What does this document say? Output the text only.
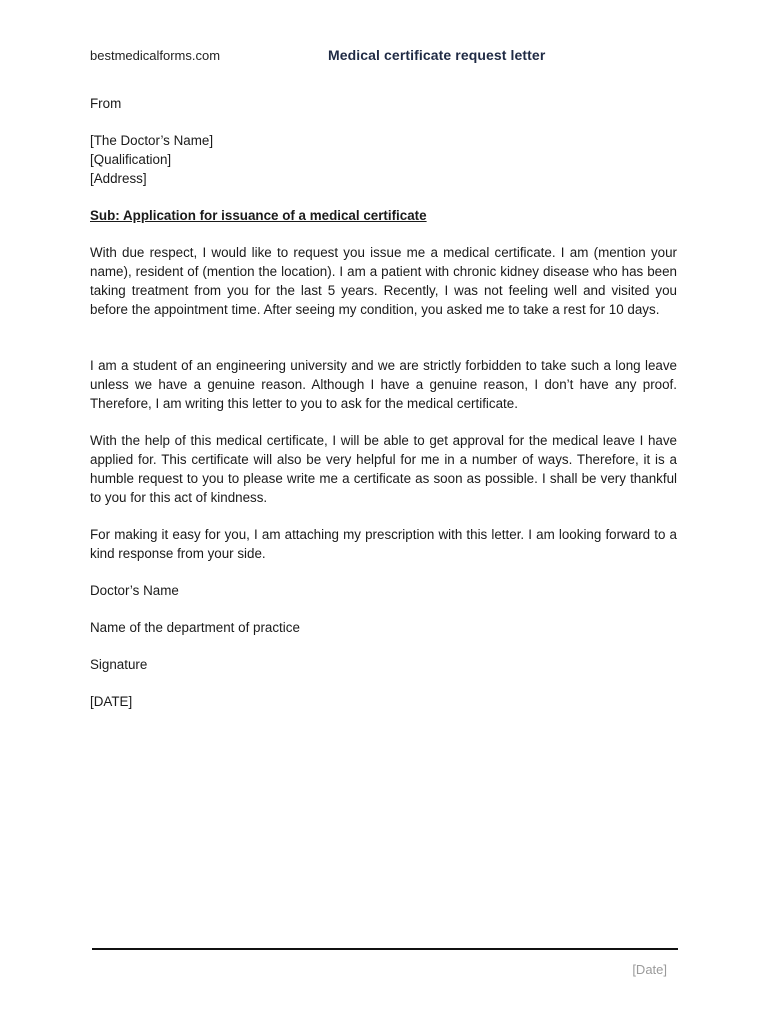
bestmedicalforms.com	Medical certificate request letter
From
[The Doctor’s Name]
[Qualification]
[Address]
Sub: Application for issuance of a medical certificate
With due respect, I would like to request you issue me a medical certificate. I am (mention your name), resident of (mention the location). I am a patient with chronic kidney disease who has been taking treatment from you for the last 5 years. Recently, I was not feeling well and visited you before the appointment time. After seeing my condition, you asked me to take a rest for 10 days.
I am a student of an engineering university and we are strictly forbidden to take such a long leave unless we have a genuine reason. Although I have a genuine reason, I don’t have any proof. Therefore, I am writing this letter to you to ask for the medical certificate.
With the help of this medical certificate, I will be able to get approval for the medical leave I have applied for. This certificate will also be very helpful for me in a number of ways. Therefore, it is a humble request to you to please write me a certificate as soon as possible. I shall be very thankful to you for this act of kindness.
For making it easy for you, I am attaching my prescription with this letter. I am looking forward to a kind response from your side.
Doctor’s Name
Name of the department of practice
Signature
[DATE]
[Date]
